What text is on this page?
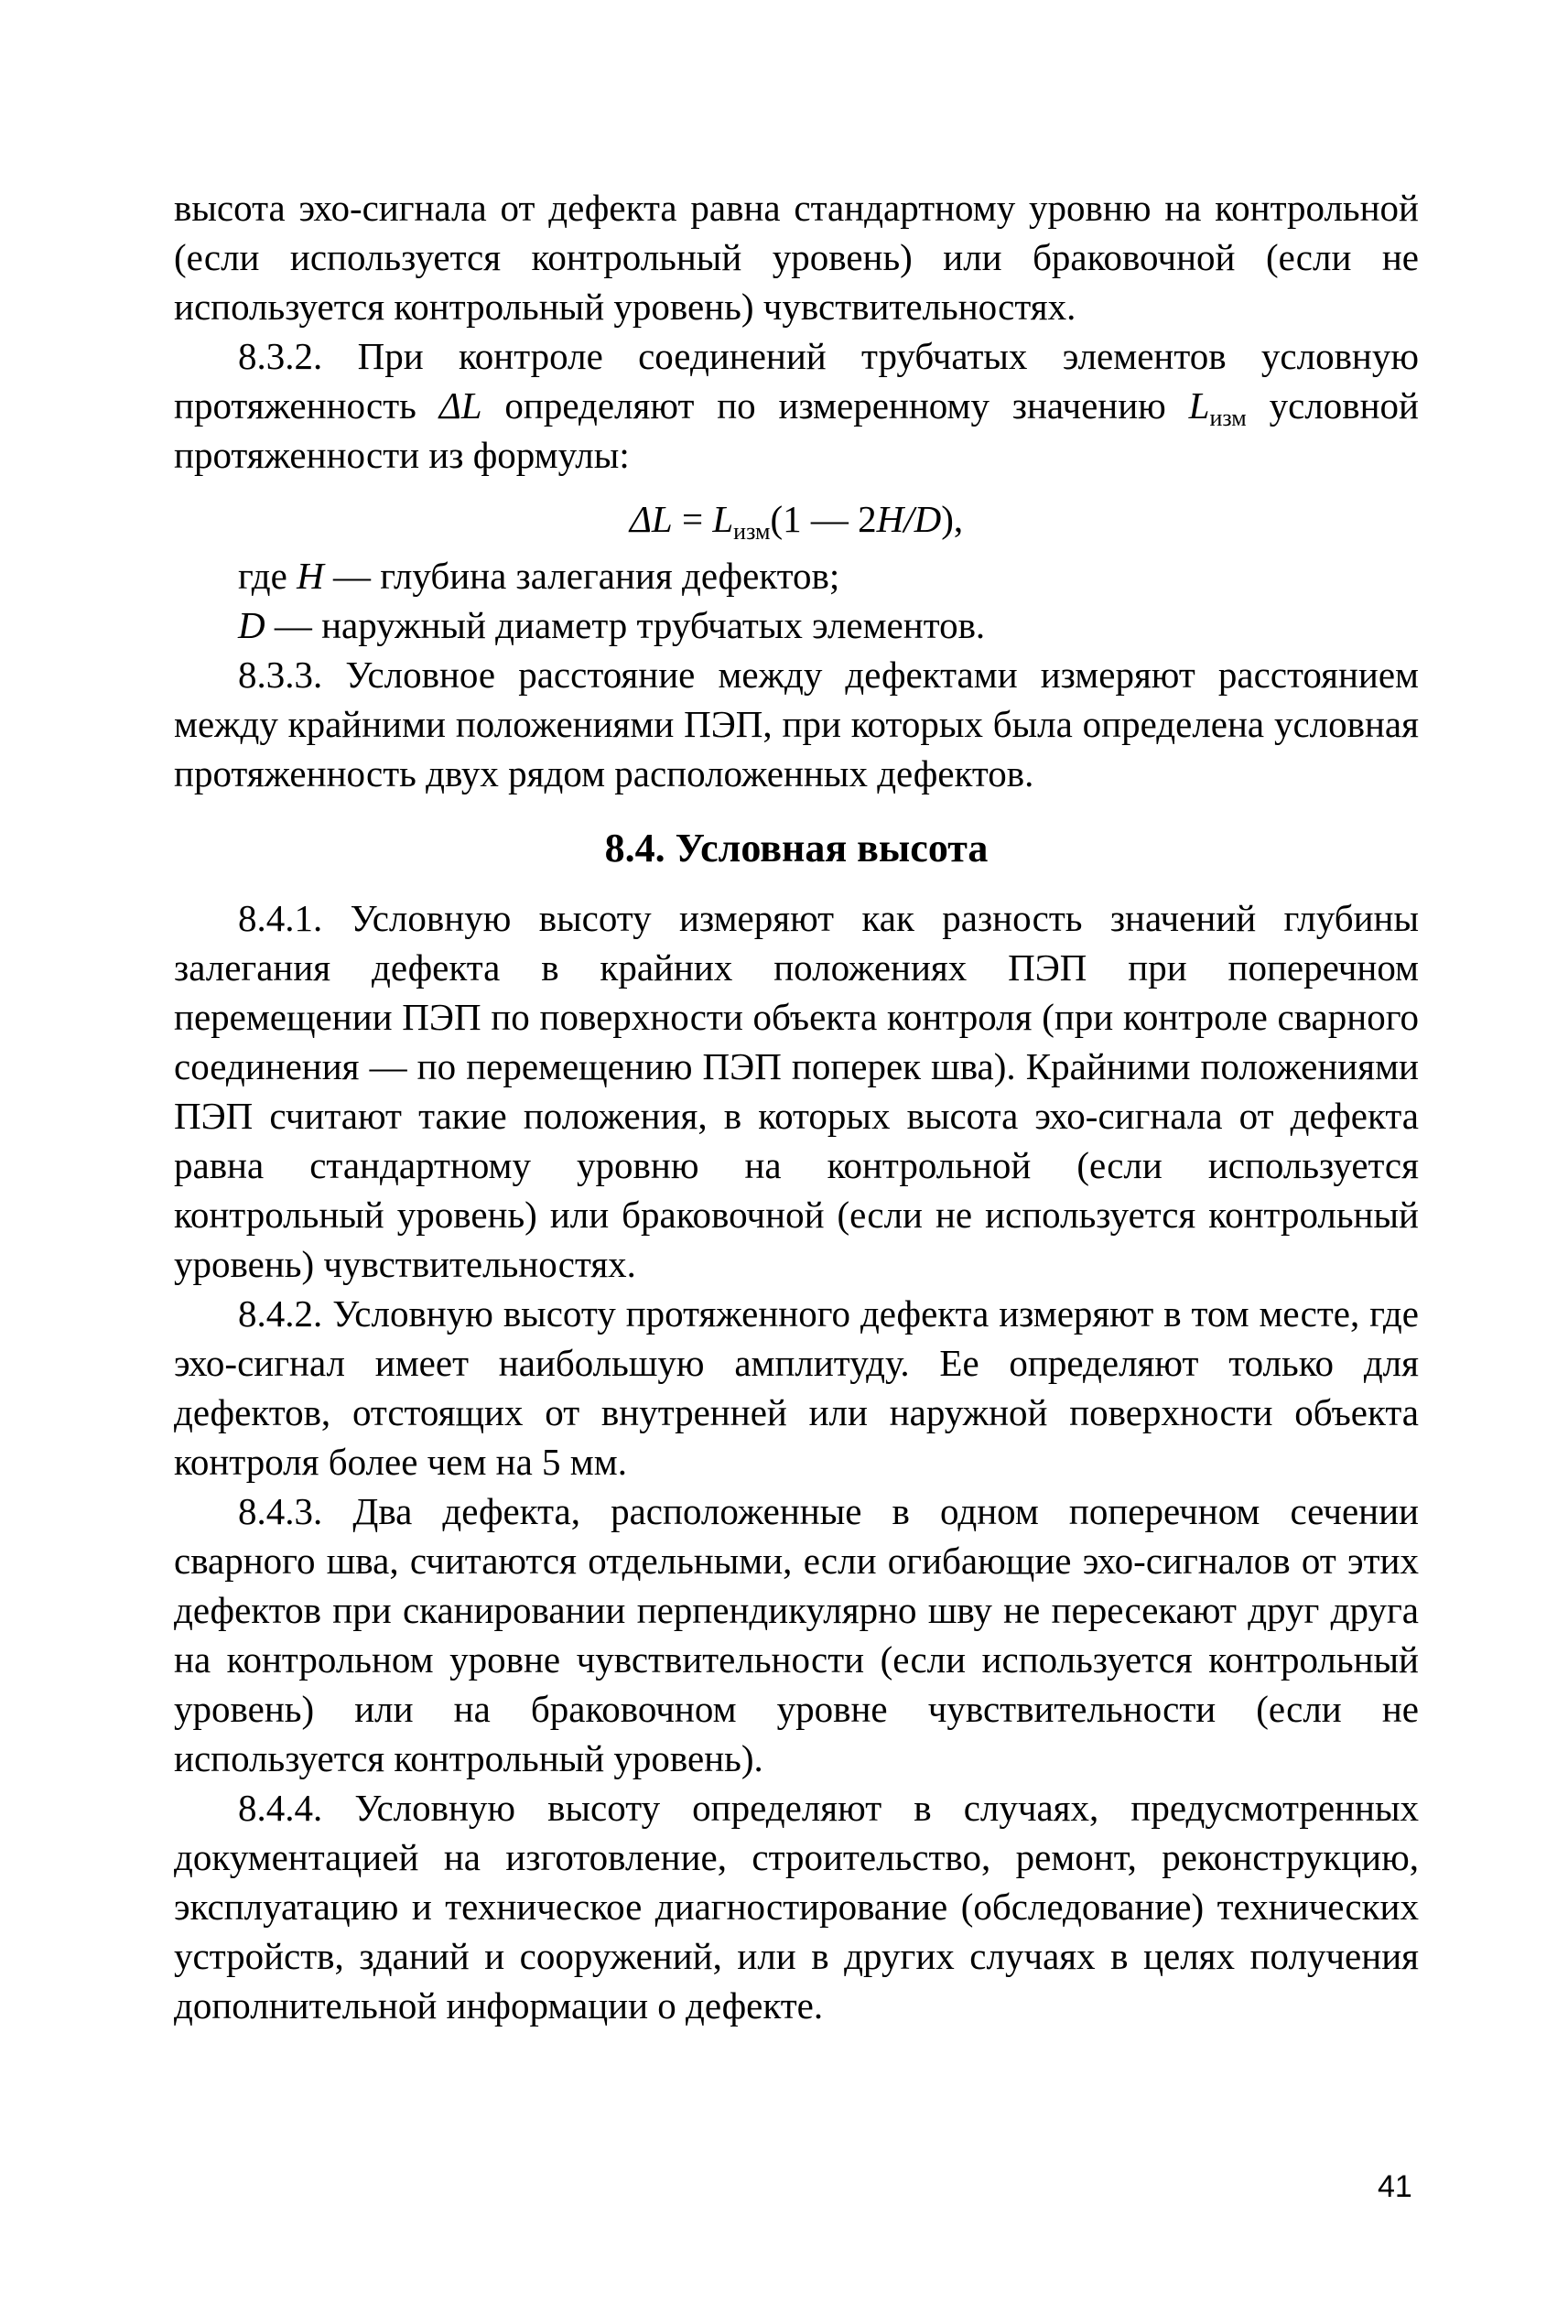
высота эхо-сигнала от дефекта равна стандартному уровню на контрольной (если используется контрольный уровень) или браковочной (если не используется контрольный уровень) чувствительностях.

8.3.2. При контроле соединений трубчатых элементов условную протяженность ΔL определяют по измеренному значению $L_{изм}$ условной протяженности из формулы:

$\Delta L = L_{изм}(1$ — 2H/D),

где H — глубина залегания дефектов;

D — наружный диаметр трубчатых элементов.

8.3.3. Условное расстояние между дефектами измеряют расстоянием между крайними положениями ПЭП, при которых была определена условная протяженность двух рядом расположенных дефектов.

8.4. Условная высота

8.4.1. Условную высоту измеряют как разность значений глубины залегания дефекта в крайних положениях ПЭП при поперечном перемещении ПЭП по поверхности объекта контроля (при контроле сварного соединения — по перемещению ПЭП поперек шва). Крайними положениями ПЭП считают такие положения, в которых высота эхо-сигнала от дефекта равна стандартному уровню на контрольной (если используется контрольный уровень) или браковочной (если не используется контрольный уровень) чувствительностях.

8.4.2. Условную высоту протяженного дефекта измеряют в том месте, где эхо-сигнал имеет наибольшую амплитуду. Ее определяют только для дефектов, отстоящих от внутренней или наружной поверхности объекта контроля более чем на 5 мм.

8.4.3. Два дефекта, расположенные в одном поперечном сечении сварного шва, считаются отдельными, если огибающие эхо-сигналов от этих дефектов при сканировании перпендикулярно шву не пересекают друг друга на контрольном уровне чувствительности (если используется контрольный уровень) или на браковочном уровне чувствительности (если не используется контрольный уровень).

8.4.4. Условную высоту определяют в случаях, предусмотренных документацией на изготовление, строительство, ремонт, реконструкцию, эксплуатацию и техническое диагностирование (обследование) технических устройств, зданий и сооружений, или в других случаях в целях получения дополнительной информации о дефекте.

41
